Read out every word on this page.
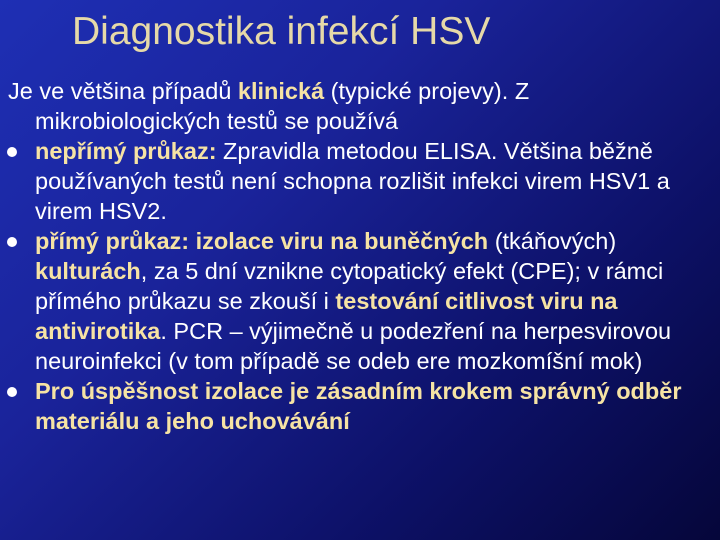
Diagnostika infekcí HSV

Je ve většina případů klinická (typické projevy). Z mikrobiologických testů se používá

nepřímý průkaz: Zpravidla metodou ELISA. Většina běžně používaných testů není schopna rozlišit infekci virem HSV1 a virem HSV2.

přímý průkaz: izolace viru na buněčných (tkáňových) kulturách, za 5 dní vznikne cytopatický efekt (CPE); v rámci přímého průkazu se zkouší i testování citlivost viru na antivirotika. PCR – výjimečně u podezření na herpesvirovou neuroinfekci (v tom případě se odeb ere mozkomíšní mok)

Pro úspěšnost izolace je zásadním krokem správný odběr materiálu a jeho uchovávání
